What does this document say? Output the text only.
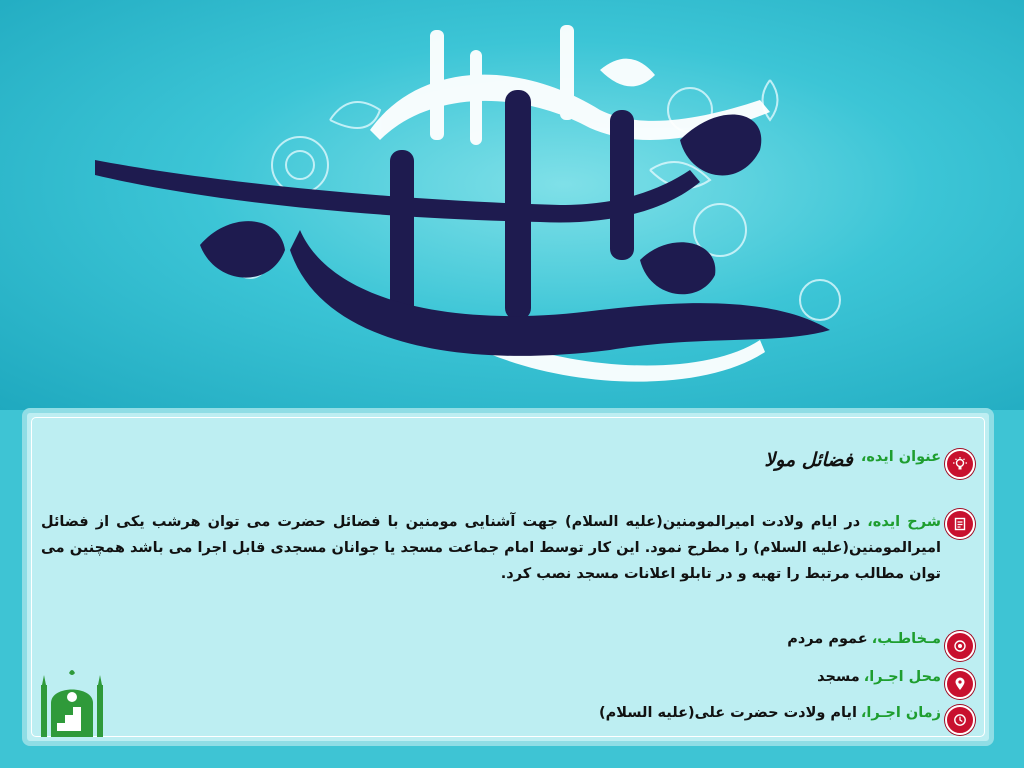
عنوان ایده،
فضائل مولا
شرح ایده، در ایام ولادت امیرالمومنین(علیه السلام) جهت آشنایی مومنین با فضائل حضرت می توان هرشب یکی از فضائل امیرالمومنین(علیه السلام) را مطرح نمود. این کار توسط امام جماعت مسجد یا جوانان مسجدی قابل اجرا می باشد همچنین می توان مطالب مرتبط را تهیه و در تابلو اعلانات مسجد نصب کرد.
مـخاطـب،
عموم مردم
محل اجـرا،
مسجد
زمان اجـرا،
ایام ولادت حضرت علی(علیه السلام)
